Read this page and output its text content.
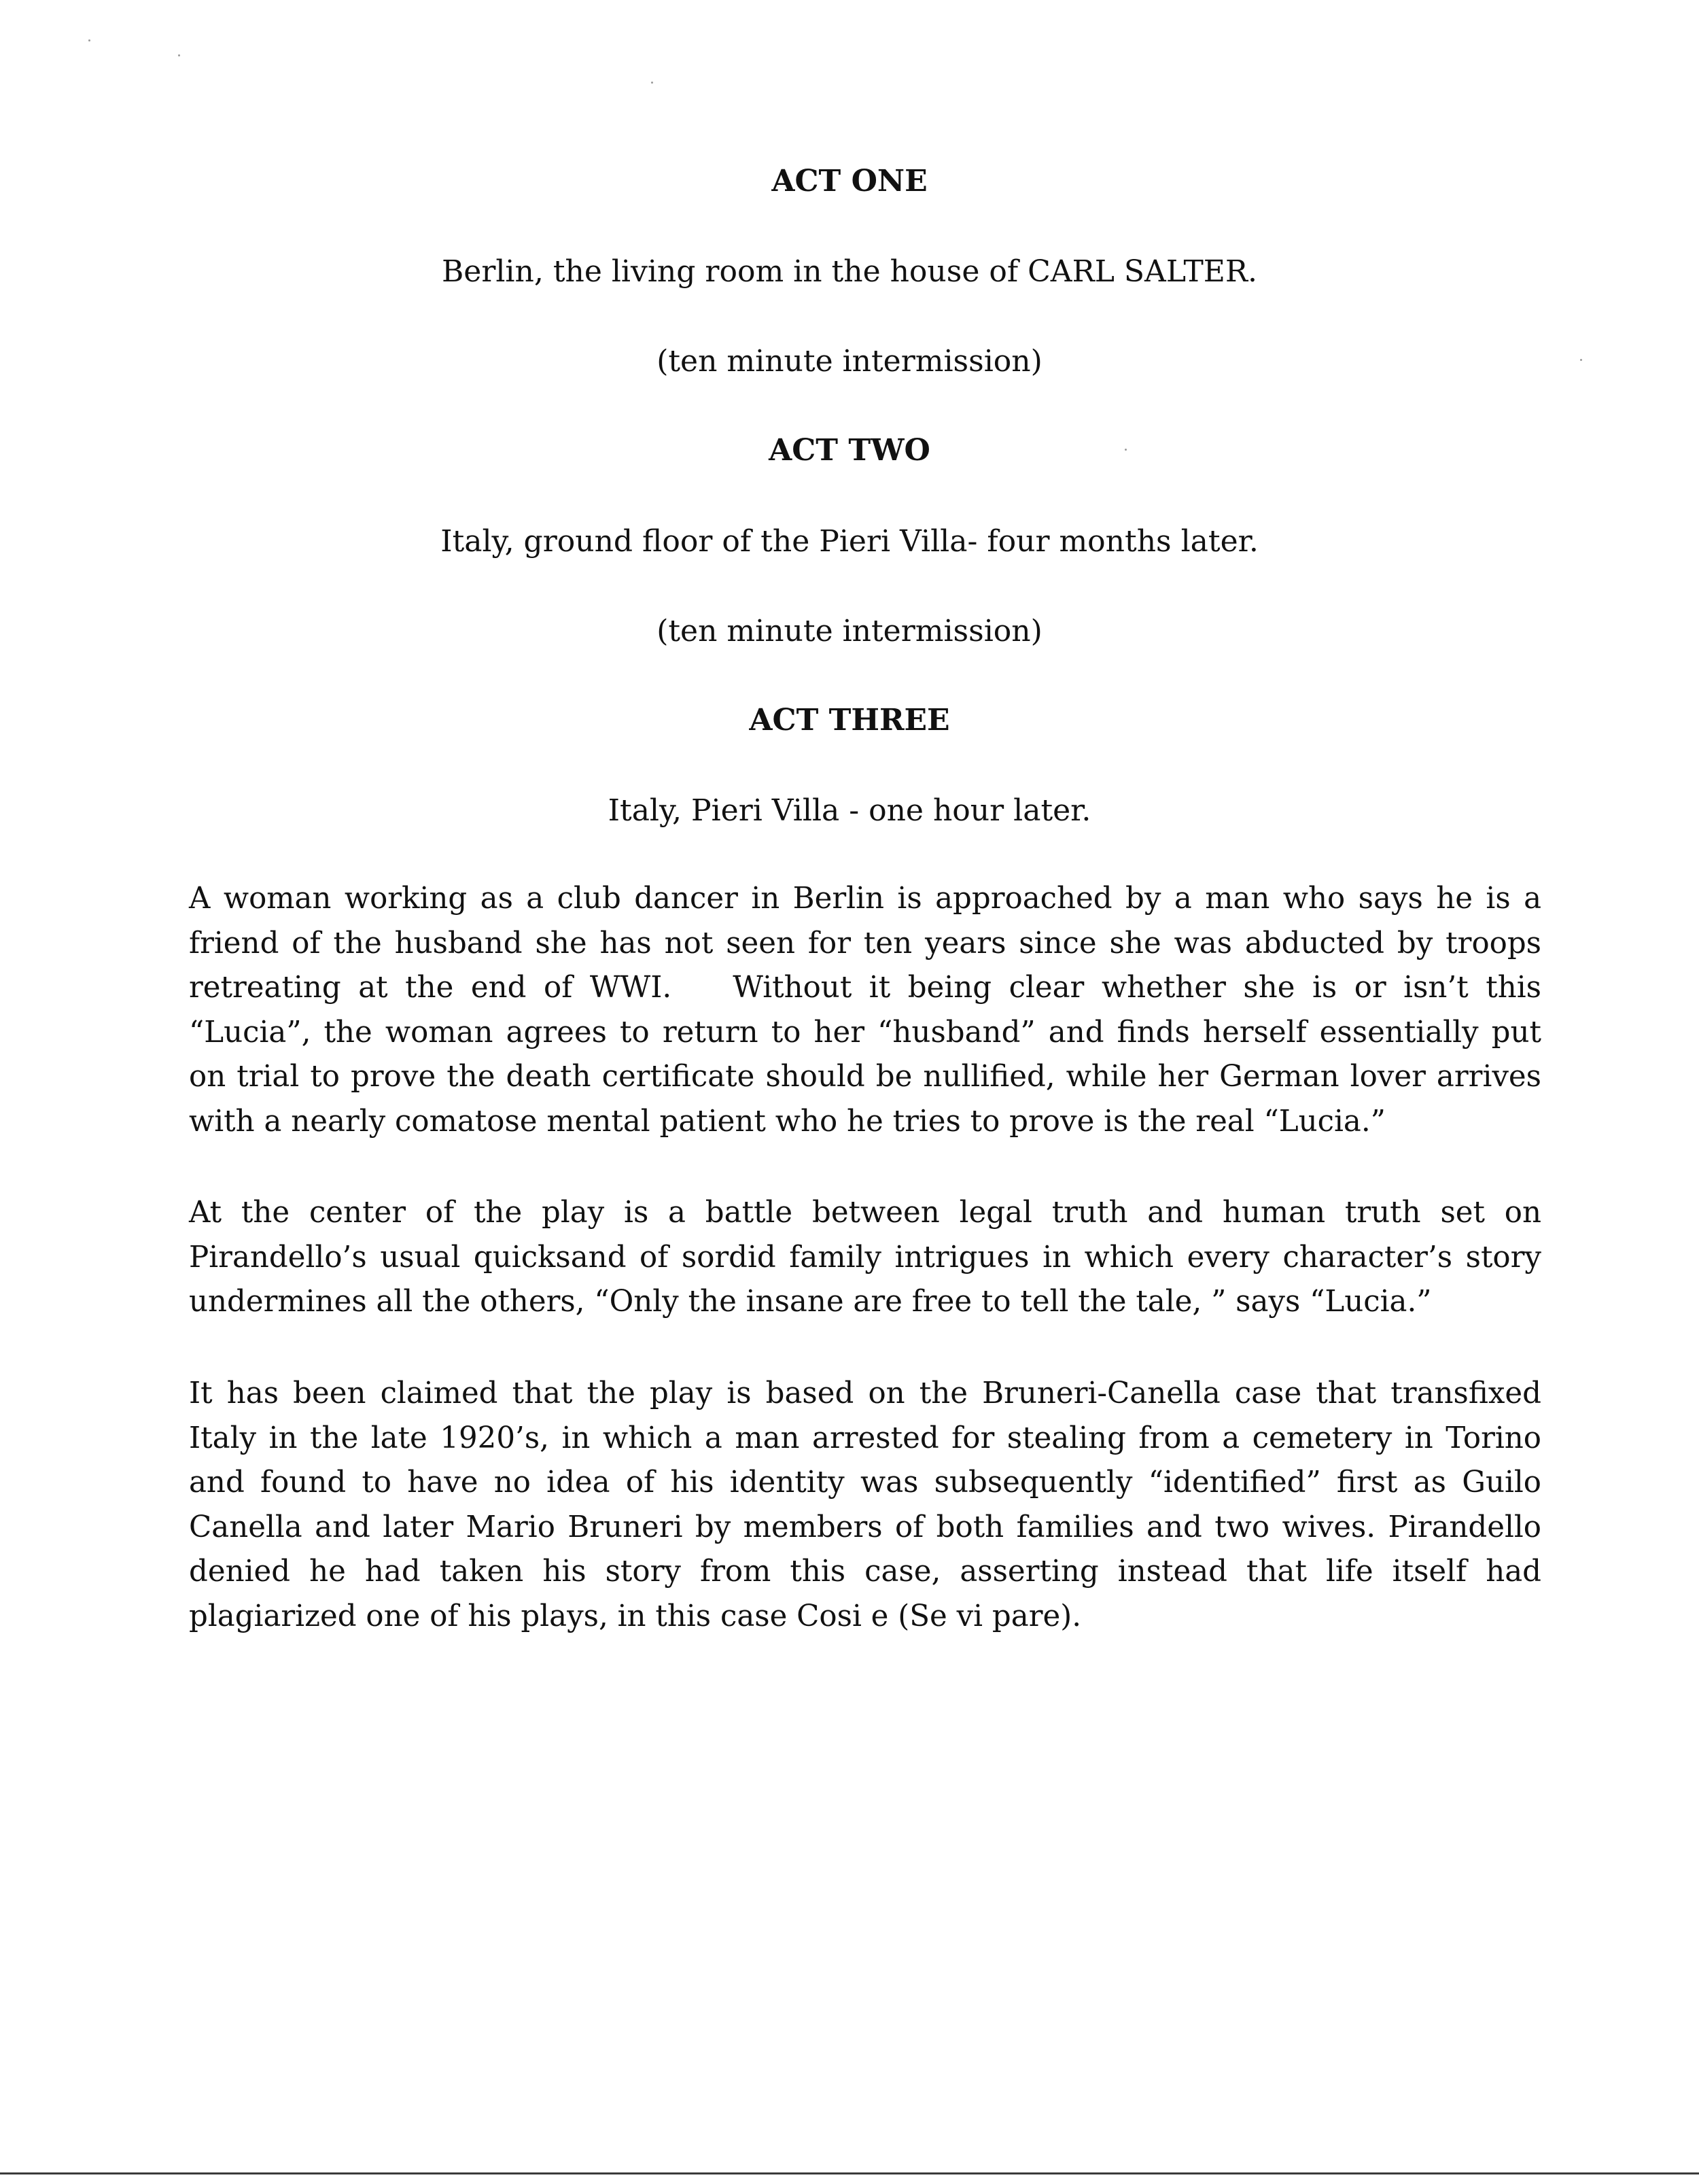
ACT ONE
Berlin, the living room in the house of CARL SALTER.
(ten minute intermission)
ACT TWO
Italy, ground floor of the Pieri Villa- four months later.
(ten minute intermission)
ACT THREE
Italy, Pieri Villa - one hour later.
A woman working as a club dancer in Berlin is approached by a man who says he is a
friend of the husband she has not seen for ten years since she was abducted by troops
retreating at the end of WWI. Without it being clear whether she is or isn’t this
“Lucia”, the woman agrees to return to her “husband” and finds herself essentially put
on trial to prove the death certificate should be nullified, while her German lover arrives
with a nearly comatose mental patient who he tries to prove is the real “Lucia.”
At the center of the play is a battle between legal truth and human truth set on
Pirandello’s usual quicksand of sordid family intrigues in which every character’s story
undermines all the others, “Only the insane are free to tell the tale, ” says “Lucia.”
It has been claimed that the play is based on the Bruneri-Canella case that transfixed
Italy in the late 1920’s, in which a man arrested for stealing from a cemetery in Torino
and found to have no idea of his identity was subsequently “identified” first as Guilo
Canella and later Mario Bruneri by members of both families and two wives. Pirandello
denied he had taken his story from this case, asserting instead that life itself had
plagiarized one of his plays, in this case Cosi e (Se vi pare).
